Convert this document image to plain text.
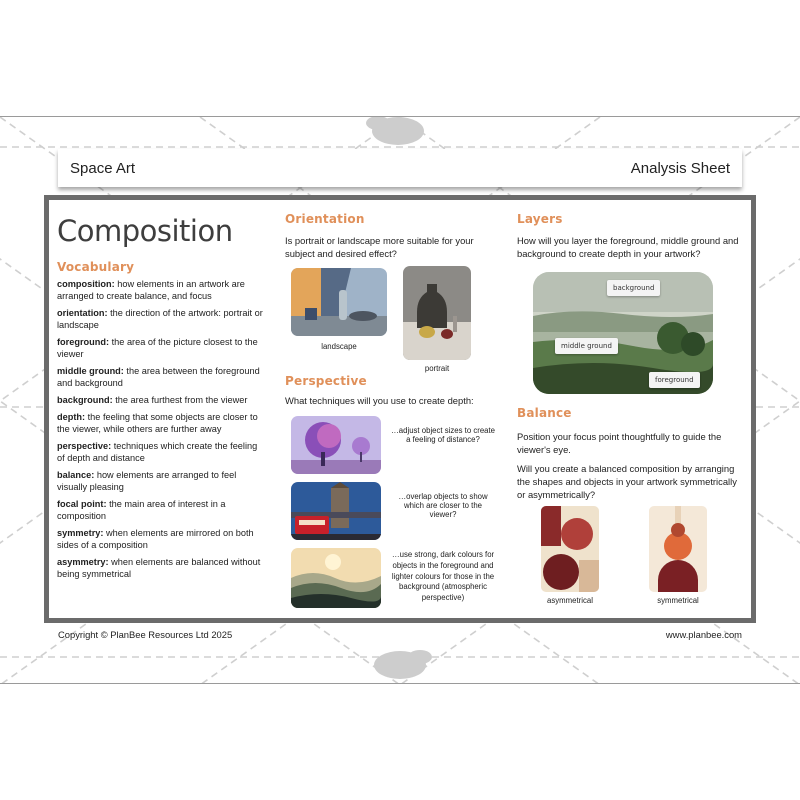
Space Art	Analysis Sheet
Composition
Vocabulary
composition: how elements in an artwork are arranged to create balance, and focus
orientation: the direction of the artwork: portrait or landscape
foreground: the area of the picture closest to the viewer
middle ground: the area between the foreground and background
background: the area furthest from the viewer
depth: the feeling that some objects are closer to the viewer, while others are further away
perspective: techniques which create the feeling of depth and distance
balance: how elements are arranged to feel visually pleasing
focal point: the main area of interest in a composition
symmetry: when elements are mirrored on both sides of a composition
asymmetry: when elements are balanced without being symmetrical
Orientation
Is portrait or landscape more suitable for your subject and desired effect?
landscape
portrait
Perspective
What techniques will you use to create depth:
…adjust object sizes to create a feeling of distance?
…overlap objects to show which are closer to the viewer?
…use strong, dark colours for objects in the foreground and lighter colours for those in the background (atmospheric perspective)
Layers
How will you layer the foreground, middle ground and background to create depth in your artwork?
background
middle ground
foreground
Balance
Position your focus point thoughtfully to guide the viewer's eye.
Will you create a balanced composition by arranging the shapes and objects in your artwork symmetrically or asymmetrically?
asymmetrical	symmetrical
Copyright © PlanBee Resources Ltd 2025	www.planbee.com
